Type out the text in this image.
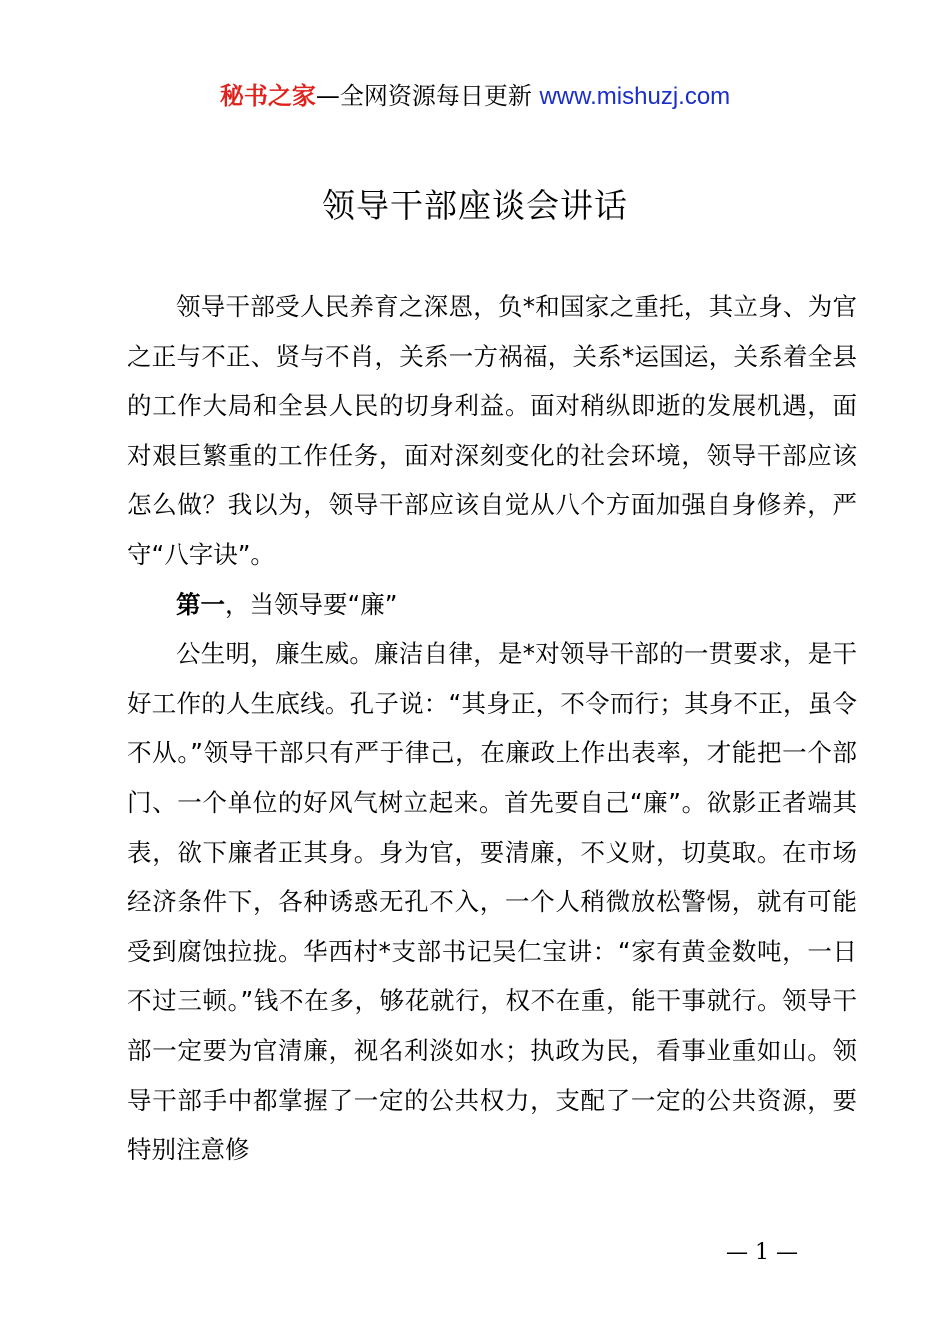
秘书之家—全网资源每日更新 www.mishuzj.com
领导干部座谈会讲话

领导干部受人民养育之深恩，负*和国家之重托，其立身、为官之正与不正、贤与不肖，关系一方祸福，关系*运国运，关系着全县的工作大局和全县人民的切身利益。面对稍纵即逝的发展机遇，面对艰巨繁重的工作任务，面对深刻变化的社会环境，领导干部应该怎么做？我以为，领导干部应该自觉从八个方面加强自身修养，严守“八字诀”。

第一，当领导要“廉”

公生明，廉生威。廉洁自律，是*对领导干部的一贯要求，是干好工作的人生底线。孔子说：“其身正，不令而行；其身不正，虽令不从。”领导干部只有严于律己，在廉政上作出表率，才能把一个部门、一个单位的好风气树立起来。首先要自己“廉”。欲影正者端其表，欲下廉者正其身。身为官，要清廉，不义财，切莫取。在市场经济条件下，各种诱惑无孔不入，一个人稍微放松警惕，就有可能受到腐蚀拉拢。华西村*支部书记吴仁宝讲：“家有黄金数吨，一日不过三顿。”钱不在多，够花就行，权不在重，能干事就行。领导干部一定要为官清廉，视名利淡如水；执政为民，看事业重如山。领导干部手中都掌握了一定的公共权力，支配了一定的公共资源，要特别注意修

— 1 —
